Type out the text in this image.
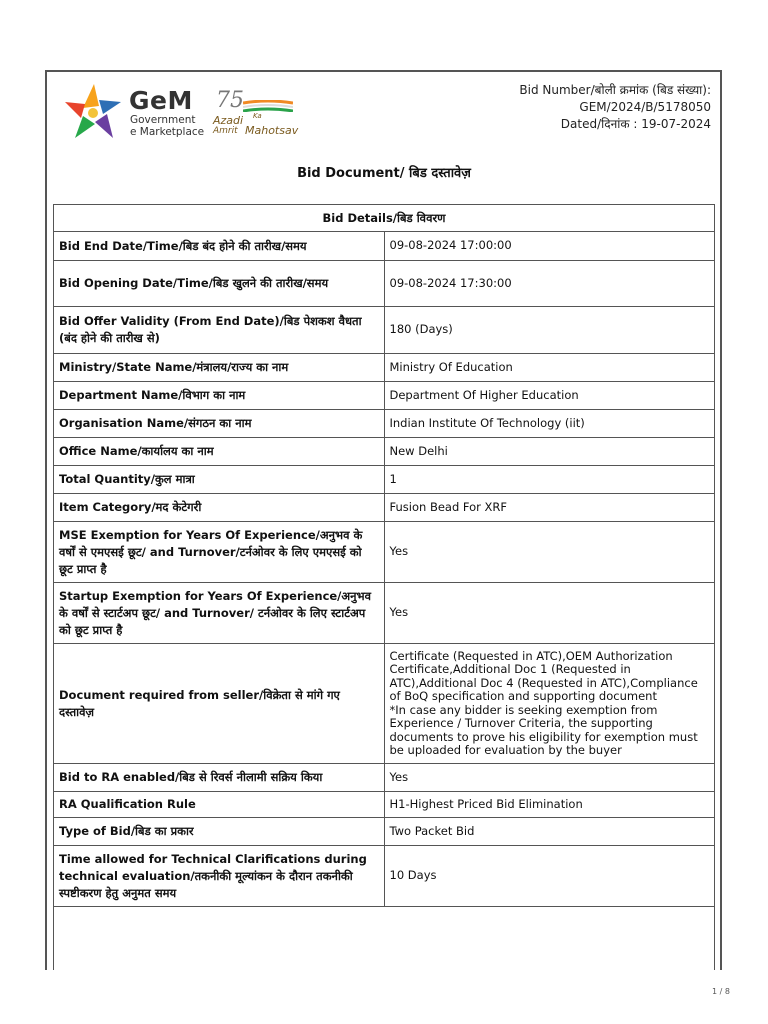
GeM
Government
e Marketplace
75
Azadi Ka
Amrit Mahotsav
Bid Number/बोली क्रमांक (बिड संख्या):
GEM/2024/B/5178050
Dated/दिनांक : 19-07-2024
Bid Document/ बिड दस्तावेज़
Bid Details/बिड विवरण	
Bid End Date/Time/बिड बंद होने की तारीख/समय	09-08-2024 17:00:00
Bid Opening Date/Time/बिड खुलने की तारीख/समय	09-08-2024 17:30:00
Bid Offer Validity (From End Date)/बिड पेशकश वैधता (बंद होने की तारीख से)	180 (Days)
Ministry/State Name/मंत्रालय/राज्य का नाम	Ministry Of Education
Department Name/विभाग का नाम	Department Of Higher Education
Organisation Name/संगठन का नाम	Indian Institute Of Technology (iit)
Office Name/कार्यालय का नाम	New Delhi
Total Quantity/कुल मात्रा	1
Item Category/मद केटेगरी	Fusion Bead For XRF
MSE Exemption for Years Of Experience/अनुभव के वर्षों से एमएसई छूट/ and Turnover/टर्नओवर के लिए एमएसई को छूट प्राप्त है	Yes
Startup Exemption for Years Of Experience/अनुभव के वर्षों से स्टार्टअप छूट/ and Turnover/ टर्नओवर के लिए स्टार्टअप को छूट प्राप्त है	Yes
Document required from seller/विक्रेता से मांगे गए दस्तावेज़	Certificate (Requested in ATC),OEM Authorization Certificate,Additional Doc 1 (Requested in ATC),Additional Doc 4 (Requested in ATC),Compliance of BoQ specification and supporting document
*In case any bidder is seeking exemption from Experience / Turnover Criteria, the supporting documents to prove his eligibility for exemption must be uploaded for evaluation by the buyer

Bid to RA enabled/बिड से रिवर्स नीलामी सक्रिय किया	Yes
RA Qualification Rule	H1-Highest Priced Bid Elimination
Type of Bid/बिड का प्रकार	Two Packet Bid
Time allowed for Technical Clarifications during technical evaluation/तकनीकी मूल्यांकन के दौरान तकनीकी स्पष्टीकरण हेतु अनुमत समय	10 Days
1 / 8
